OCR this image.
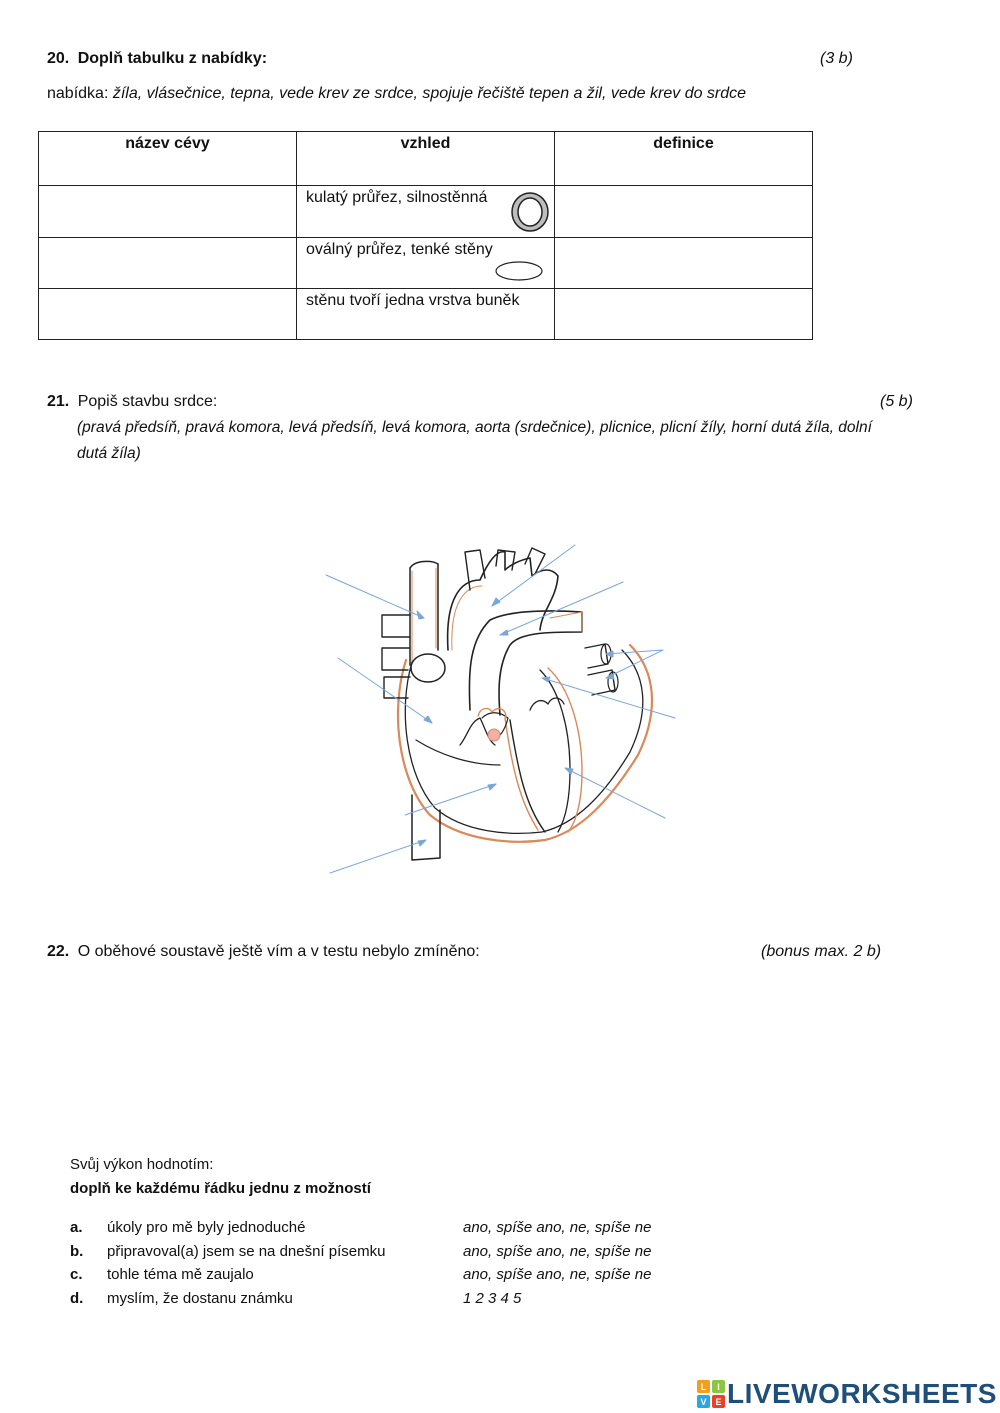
20. Doplň tabulku z nabídky:	(3 b)
nabídka: žíla, vlásečnice, tepna, vede krev ze srdce, spojuje řečiště tepen a žil, vede krev do srdce
název cévy	vzhled	definice

	kulatý průřez, silnostěnná	

	oválný průřez, tenké stěny	

	stěnu tvoří jedna vrstva buněk	

21. Popiš stavbu srdce:	(5 b)
(pravá předsíň, pravá komora, levá předsíň, levá komora, aorta (srdečnice), plicnice, plicní žíly, horní dutá žíla, dolní
dutá žíla)
22. O oběhové soustavě ještě vím a v testu nebylo zmíněno:	(bonus max. 2 b)
Svůj výkon hodnotím:
doplň ke každému řádku jednu z možností
a. úkoly pro mě byly jednoduché	ano, spíše ano, ne, spíše ne
b. připravoval(a) jsem se na dnešní písemku	ano, spíše ano, ne, spíše ne
c. tohle téma mě zaujalo	ano, spíše ano, ne, spíše ne
d. myslím, že dostanu známku	1 2 3 4 5
L I
V E LIVEWORKSHEETS
